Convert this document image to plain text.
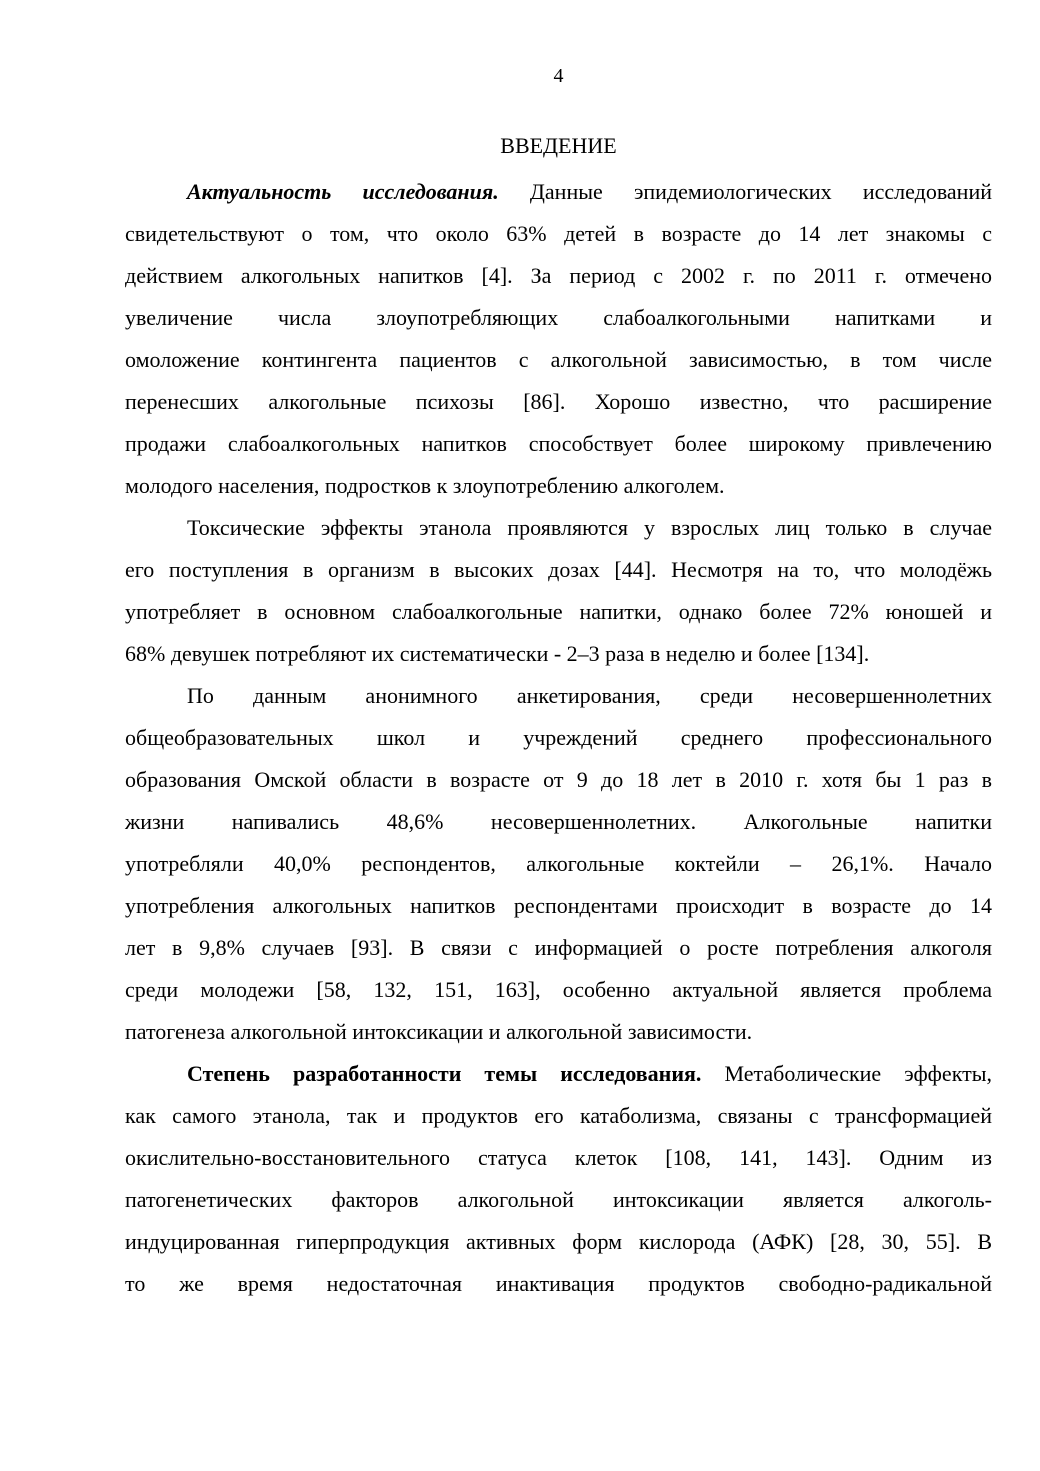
4

ВВЕДЕНИЕ
Актуальность исследования. Данные эпидемиологических исследований
свидетельствуют о том, что около 63% детей в возрасте до 14 лет знакомы с
действием алкогольных напитков [4]. За период с 2002 г. по 2011 г. отмечено
увеличение числа злоупотребляющих слабоалкогольными напитками и
омоложение контингента пациентов с алкогольной зависимостью, в том числе
перенесших алкогольные психозы [86]. Хорошо известно, что расширение
продажи слабоалкогольных напитков способствует более широкому привлечению
молодого населения, подростков к злоупотреблению алкоголем.
Токсические эффекты этанола проявляются у взрослых лиц только в случае
его поступления в организм в высоких дозах [44]. Несмотря на то, что молодёжь
употребляет в основном слабоалкогольные напитки, однако более 72% юношей и
68% девушек потребляют их систематически - 2–3 раза в неделю и более [134].
По данным анонимного анкетирования, среди несовершеннолетних
общеобразовательных школ и учреждений среднего профессионального
образования Омской области в возрасте от 9 до 18 лет в 2010 г. хотя бы 1 раз в
жизни напивались 48,6% несовершеннолетних. Алкогольные напитки
употребляли 40,0% респондентов, алкогольные коктейли – 26,1%. Начало
употребления алкогольных напитков респондентами происходит в возрасте до 14
лет в 9,8% случаев [93]. В связи с информацией о росте потребления алкоголя
среди молодежи [58, 132, 151, 163], особенно актуальной является проблема
патогенеза алкогольной интоксикации и алкогольной зависимости.
Степень разработанности темы исследования. Метаболические эффекты,
как самого этанола, так и продуктов его катаболизма, связаны с трансформацией
окислительно-восстановительного статуса клеток [108, 141, 143]. Одним из
патогенетических факторов алкогольной интоксикации является алкоголь-
индуцированная гиперпродукция активных форм кислорода (АФК) [28, 30, 55]. В
то же время недостаточная инактивация продуктов свободно-радикальной
